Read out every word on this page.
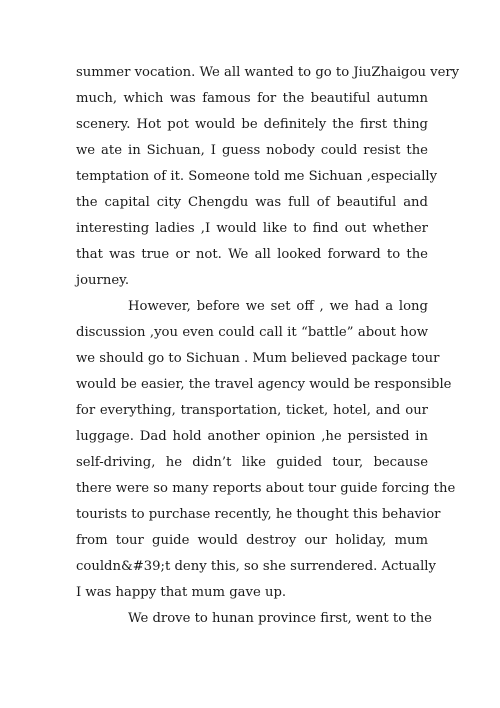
summer vocation. We all wanted to go to JiuZhaigou very
much, which was famous for the beautiful autumn
scenery. Hot pot would be definitely the first thing
we ate in Sichuan, I guess nobody could resist the
temptation of it. Someone told me Sichuan ,especially
the capital city Chengdu was full of beautiful and
interesting ladies ,I would like to find out whether
that was true or not. We all looked forward to the
journey.
However, before we set off , we had a long
discussion ,you even could call it “battle” about how
we should go to Sichuan . Mum believed package tour
would be easier, the travel agency would be responsible
for everything, transportation, ticket, hotel, and our
luggage. Dad hold another opinion ,he persisted in
self-driving, he didn’t like guided tour, because
there were so many reports about tour guide forcing the
tourists to purchase recently, he thought this behavior
from tour guide would destroy our holiday, mum
couldn&#39;t deny this, so she surrendered. Actually
I was happy that mum gave up.
We drove to hunan province first, went to the
